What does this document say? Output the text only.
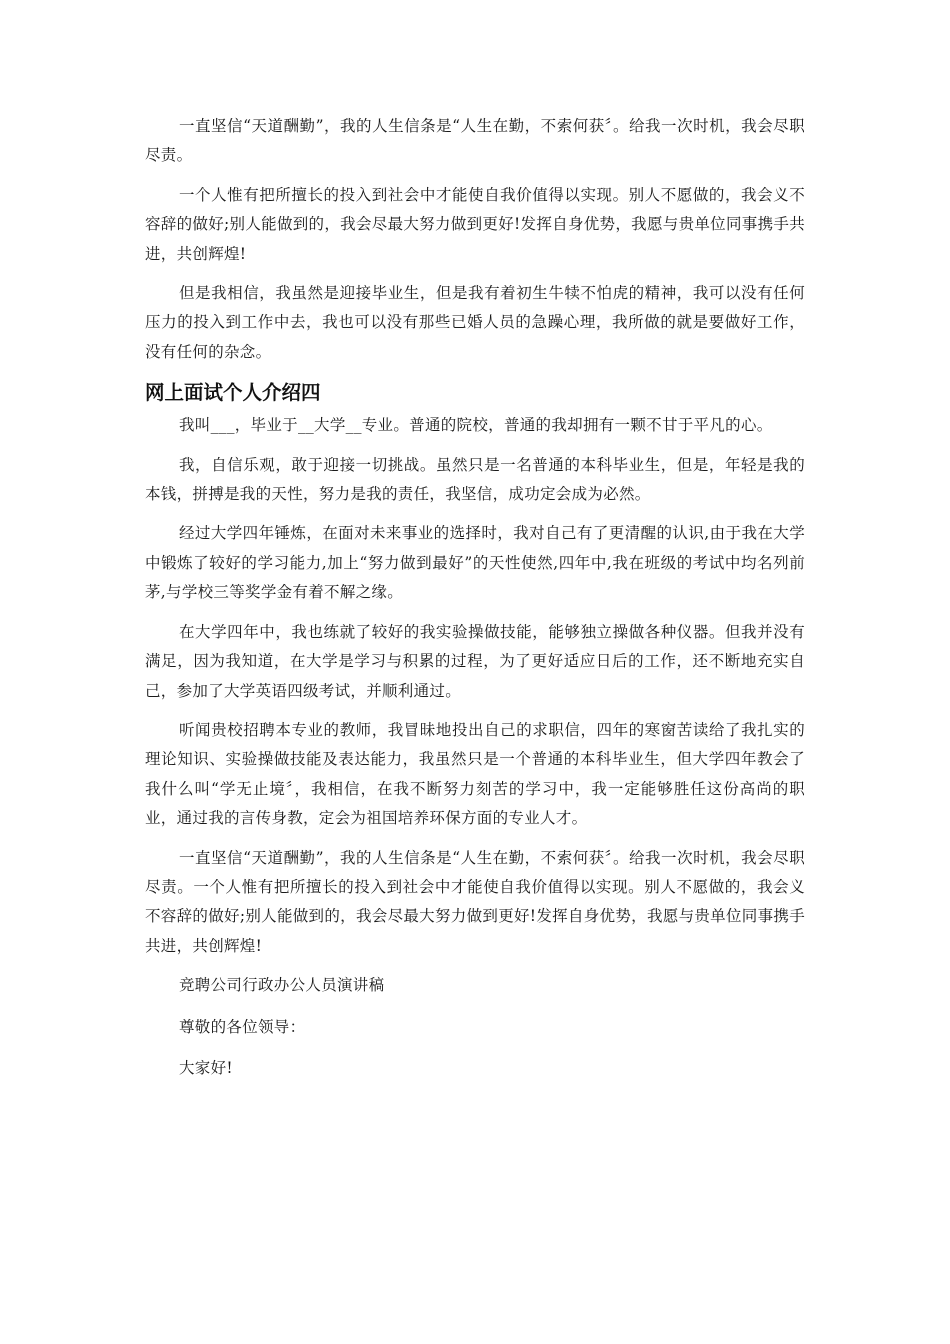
一直坚信“天道酬勤”，我的人生信条是“人生在勤，不索何获〞。给我一次时机，我会尽职尽责。

一个人惟有把所擅长的投入到社会中才能使自我价值得以实现。别人不愿做的，我会义不容辞的做好;别人能做到的，我会尽最大努力做到更好!发挥自身优势，我愿与贵单位同事携手共进，共创辉煌!

但是我相信，我虽然是迎接毕业生，但是我有着初生牛犊不怕虎的精神，我可以没有任何压力的投入到工作中去，我也可以没有那些已婚人员的急躁心理，我所做的就是要做好工作，没有任何的杂念。

网上面试个人介绍四

我叫___，毕业于__大学__专业。普通的院校，普通的我却拥有一颗不甘于平凡的心。

我，自信乐观，敢于迎接一切挑战。虽然只是一名普通的本科毕业生，但是，年轻是我的本钱，拼搏是我的天性，努力是我的责任，我坚信，成功定会成为必然。

经过大学四年锤炼，在面对未来事业的选择时，我对自己有了更清醒的认识,由于我在大学中锻炼了较好的学习能力,加上“努力做到最好”的天性使然,四年中,我在班级的考试中均名列前茅,与学校三等奖学金有着不解之缘。

在大学四年中，我也练就了较好的我实验操做技能，能够独立操做各种仪器。但我并没有满足，因为我知道，在大学是学习与积累的过程，为了更好适应日后的工作，还不断地充实自己，参加了大学英语四级考试，并顺利通过。

听闻贵校招聘本专业的教师，我冒昧地投出自己的求职信，四年的寒窗苦读给了我扎实的理论知识、实验操做技能及表达能力，我虽然只是一个普通的本科毕业生，但大学四年教会了我什么叫“学无止境〞，我相信，在我不断努力刻苦的学习中，我一定能够胜任这份高尚的职业，通过我的言传身教，定会为祖国培养环保方面的专业人才。

一直坚信“天道酬勤”，我的人生信条是“人生在勤，不索何获〞。给我一次时机，我会尽职尽责。一个人惟有把所擅长的投入到社会中才能使自我价值得以实现。别人不愿做的，我会义不容辞的做好;别人能做到的，我会尽最大努力做到更好!发挥自身优势，我愿与贵单位同事携手共进，共创辉煌!

竞聘公司行政办公人员演讲稿

尊敬的各位领导：

大家好!
